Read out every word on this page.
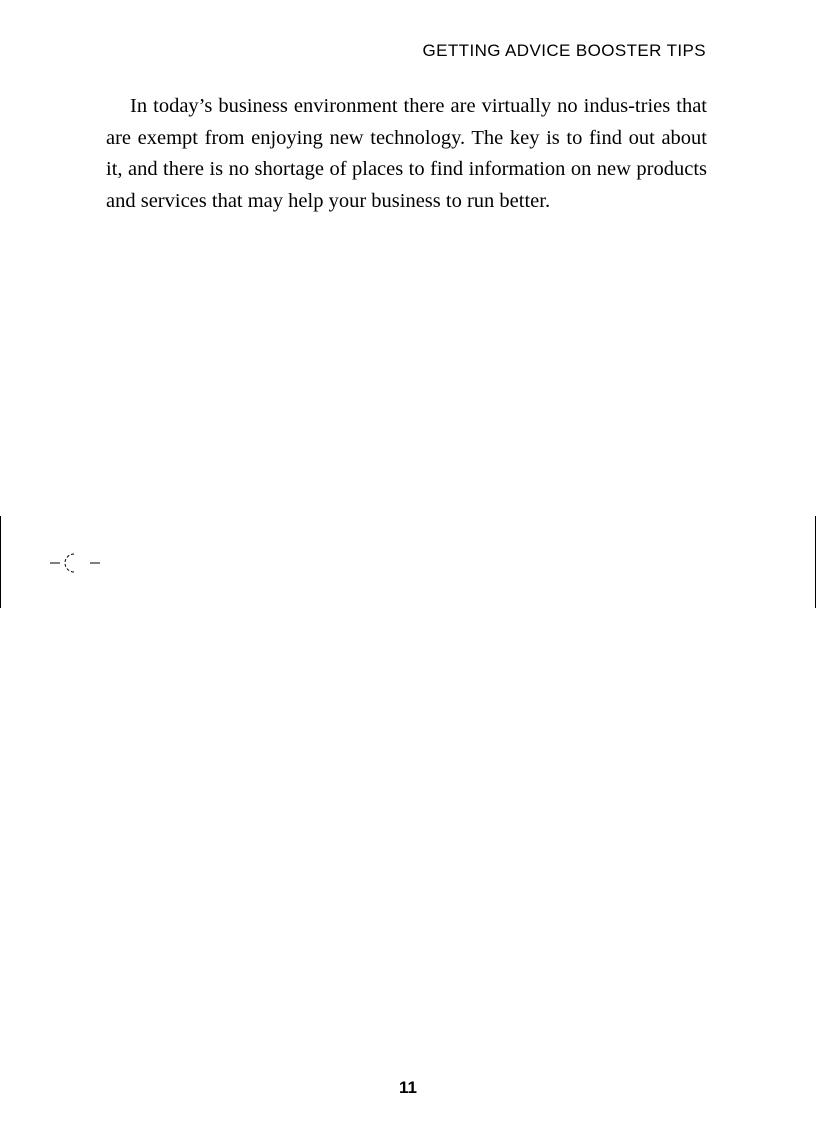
GETTING ADVICE BOOSTER TIPS

In today’s business environment there are virtually no indus-tries that are exempt from enjoying new technology. The key is to find out about it, and there is no shortage of places to find information on new products and services that may help your business to run better.

11
